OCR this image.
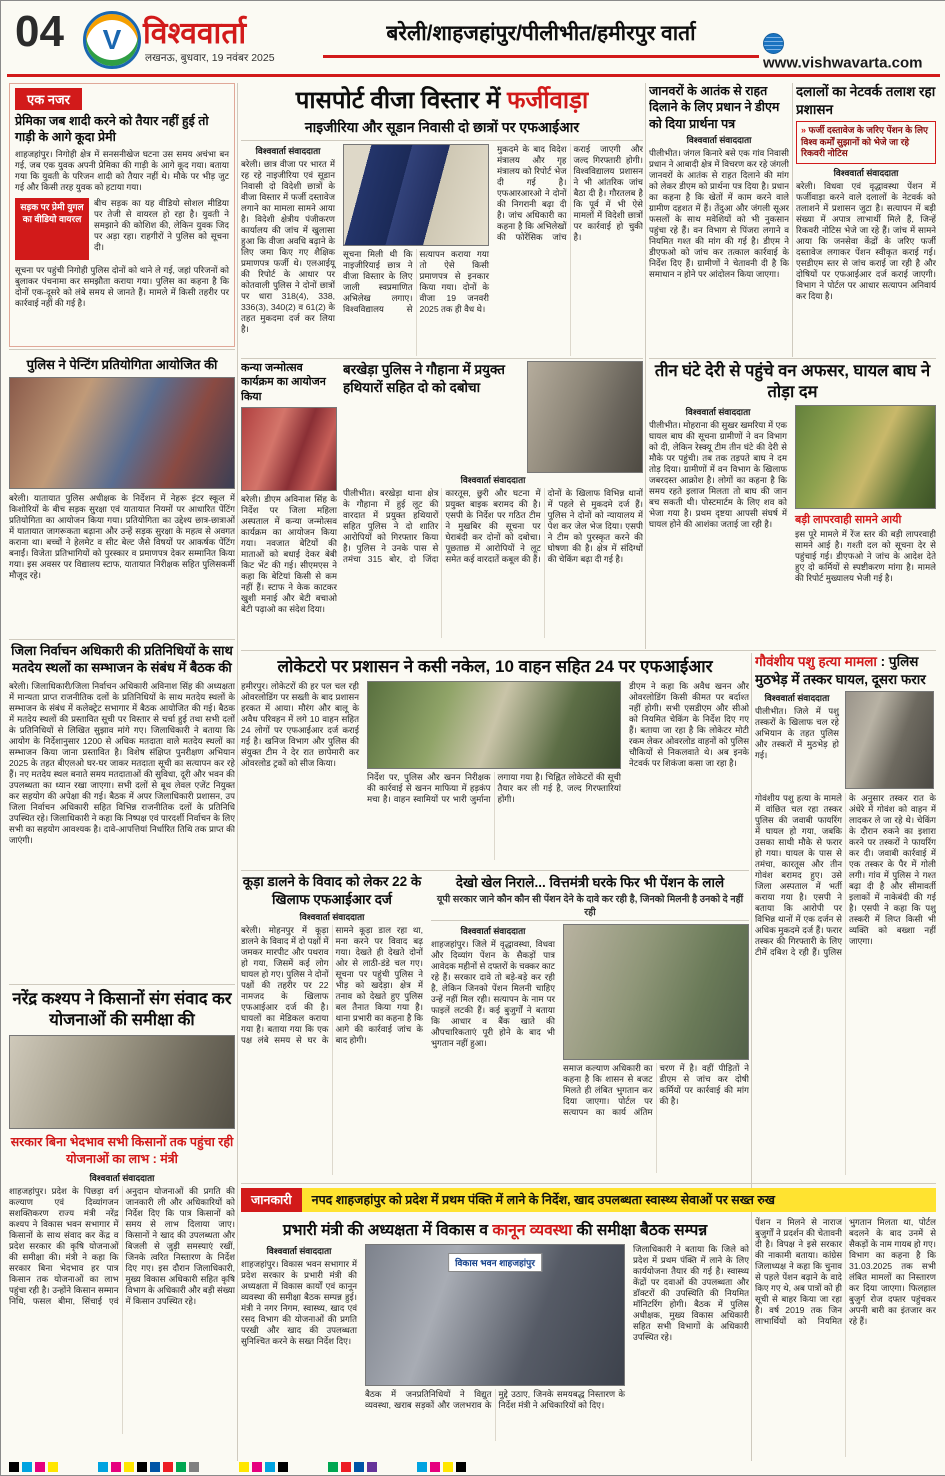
04 V विश्ववार्ता
लखनऊ, बुधवार, 19 नवंबर 2025
बरेली/शाहजहांपुर/पीलीभीत/हमीरपुर वार्ता
www.vishwavarta.com
एक नजर
प्रेमिका जब शादी करने को तैयार नहीं हुई तो गाड़ी के आगे कूदा प्रेमी
शाहजहांपुर। निगोही क्षेत्र में सनसनीखेज घटना उस समय अचंभा बन गई, जब एक युवक अपनी प्रेमिका की गाड़ी के आगे कूद गया। बताया गया कि युवती के परिजन शादी को तैयार नहीं थे। मौके पर भीड़ जुट गई और किसी तरह युवक को हटाया गया।
सड़क पर प्रेमी युगल का वीडियो वायरल
बीच सड़क का यह वीडियो सोशल मीडिया पर तेजी से वायरल हो रहा है। युवती ने समझाने की कोशिश की, लेकिन युवक जिद पर अड़ा रहा। राहगीरों ने पुलिस को सूचना दी।
सूचना पर पहुंची निगोही पुलिस दोनों को थाने ले गई, जहां परिजनों को बुलाकर पंचनामा कर समझौता कराया गया। पुलिस का कहना है कि दोनों एक-दूसरे को लंबे समय से जानते हैं। मामले में किसी तहरीर पर कार्रवाई नहीं की गई है।
पुलिस ने पेन्टिंग प्रतियोगिता आयोजित की
बरेली। यातायात पुलिस अधीक्षक के निर्देशन में नेहरू इंटर स्कूल में किशोरियों के बीच सड़क सुरक्षा एवं यातायात नियमों पर आधारित पेंटिंग प्रतियोगिता का आयोजन किया गया। प्रतियोगिता का उद्देश्य छात्र-छात्राओं में यातायात जागरूकता बढ़ाना और उन्हें सड़क सुरक्षा के महत्व से अवगत कराना था। बच्चों ने हेलमेट व सीट बेल्ट जैसे विषयों पर आकर्षक पेंटिंग बनाईं। विजेता प्रतिभागियों को पुरस्कार व प्रमाणपत्र देकर सम्मानित किया गया। इस अवसर पर विद्यालय स्टाफ, यातायात निरीक्षक सहित पुलिसकर्मी मौजूद रहे।
जिला निर्वाचन अधिकारी की प्रतिनिधियों के साथ मतदेय स्थलों का सम्भाजन के संबंध में बैठक की
बरेली। जिलाधिकारी/जिला निर्वाचन अधिकारी अविनाश सिंह की अध्यक्षता में मान्यता प्राप्त राजनीतिक दलों के प्रतिनिधियों के साथ मतदेय स्थलों के सम्भाजन के संबंध में कलेक्ट्रेट सभागार में बैठक आयोजित की गई। बैठक में मतदेय स्थलों की प्रस्तावित सूची पर विस्तार से चर्चा हुई तथा सभी दलों के प्रतिनिधियों से लिखित सुझाव मांगे गए। जिलाधिकारी ने बताया कि आयोग के निर्देशानुसार 1200 से अधिक मतदाता वाले मतदेय स्थलों का सम्भाजन किया जाना प्रस्तावित है। विशेष संक्षिप्त पुनरीक्षण अभियान 2025 के तहत बीएलओ घर-घर जाकर मतदाता सूची का सत्यापन कर रहे हैं। नए मतदेय स्थल बनाते समय मतदाताओं की सुविधा, दूरी और भवन की उपलब्धता का ध्यान रखा जाएगा। सभी दलों से बूथ लेवल एजेंट नियुक्त कर सहयोग की अपेक्षा की गई। बैठक में अपर जिलाधिकारी प्रशासन, उप जिला निर्वाचन अधिकारी सहित विभिन्न राजनीतिक दलों के प्रतिनिधि उपस्थित रहे। जिलाधिकारी ने कहा कि निष्पक्ष एवं पारदर्शी निर्वाचन के लिए सभी का सहयोग आवश्यक है। दावे-आपत्तियां निर्धारित तिथि तक प्राप्त की जाएंगी।
नरेंद्र कश्यप ने किसानों संग संवाद कर योजनाओं की समीक्षा की
सरकार बिना भेदभाव सभी किसानों तक पहुंचा रही योजनाओं का लाभ : मंत्री
विश्ववार्ता संवाददाता
शाहजहांपुर। प्रदेश के पिछड़ा वर्ग कल्याण एवं दिव्यांगजन सशक्तिकरण राज्य मंत्री नरेंद्र कश्यप ने विकास भवन सभागार में किसानों के साथ संवाद कर केंद्र व प्रदेश सरकार की कृषि योजनाओं की समीक्षा की। मंत्री ने कहा कि सरकार बिना भेदभाव हर पात्र किसान तक योजनाओं का लाभ पहुंचा रही है। उन्होंने किसान सम्मान निधि, फसल बीमा, सिंचाई एवं अनुदान योजनाओं की प्रगति की जानकारी ली और अधिकारियों को निर्देश दिए कि पात्र किसानों को समय से लाभ दिलाया जाए। किसानों ने खाद की उपलब्धता और बिजली से जुड़ी समस्याएं रखीं, जिनके त्वरित निस्तारण के निर्देश दिए गए। इस दौरान जिलाधिकारी, मुख्य विकास अधिकारी सहित कृषि विभाग के अधिकारी और बड़ी संख्या में किसान उपस्थित रहे।
पासपोर्ट वीजा विस्तार में फर्जीवाड़ा
नाइजीरिया और सूडान निवासी दो छात्रों पर एफआईआर
विश्ववार्ता संवाददाता
बरेली। छात्र वीजा पर भारत में रह रहे नाइजीरिया एवं सूडान निवासी दो विदेशी छात्रों के वीजा विस्तार में फर्जी दस्तावेज लगाने का मामला सामने आया है। विदेशी क्षेत्रीय पंजीकरण कार्यालय की जांच में खुलासा हुआ कि वीजा अवधि बढ़ाने के लिए जमा किए गए शैक्षिक प्रमाणपत्र फर्जी थे। एलआईयू की रिपोर्ट के आधार पर कोतवाली पुलिस ने दोनों छात्रों पर धारा 318(4), 338, 336(3), 340(2) व 61(2) के तहत मुकदमा दर्ज कर लिया है।
सूचना मिली थी कि नाइजीरियाई छात्र ने वीजा विस्तार के लिए जाली स्वप्रमाणित अभिलेख लगाए। विश्वविद्यालय से सत्यापन कराया गया तो ऐसे किसी प्रमाणपत्र से इनकार किया गया। दोनों के वीजा 19 जनवरी 2025 तक ही वैध थे।
मुकदमे के बाद विदेश मंत्रालय और गृह मंत्रालय को रिपोर्ट भेज दी गई है। एफआरआरओ ने दोनों की निगरानी बढ़ा दी है। जांच अधिकारी का कहना है कि अभिलेखों की फोरेंसिक जांच कराई जाएगी और जल्द गिरफ्तारी होगी। विश्वविद्यालय प्रशासन ने भी आंतरिक जांच बैठा दी है। गौरतलब है कि पूर्व में भी ऐसे मामलों में विदेशी छात्रों पर कार्रवाई हो चुकी है।
कन्या जन्मोत्सव कार्यक्रम का आयोजन किया
बरेली। डीएम अविनाश सिंह के निर्देश पर जिला महिला अस्पताल में कन्या जन्मोत्सव कार्यक्रम का आयोजन किया गया। नवजात बेटियों की माताओं को बधाई देकर बेबी किट भेंट की गई। सीएमएस ने कहा कि बेटियां किसी से कम नहीं हैं। स्टाफ ने केक काटकर खुशी मनाई और बेटी बचाओ बेटी पढ़ाओ का संदेश दिया।
बरखेड़ा पुलिस ने गौहाना में प्रयुक्त हथियारों सहित दो को दबोचा
विश्ववार्ता संवाददाता
पीलीभीत। बरखेड़ा थाना क्षेत्र के गौहाना में हुई लूट की वारदात में प्रयुक्त हथियारों सहित पुलिस ने दो शातिर आरोपियों को गिरफ्तार किया है। पुलिस ने उनके पास से तमंचा 315 बोर, दो जिंदा कारतूस, छुरी और घटना में प्रयुक्त बाइक बरामद की है। एसपी के निर्देश पर गठित टीम ने मुखबिर की सूचना पर घेराबंदी कर दोनों को दबोचा। पूछताछ में आरोपियों ने लूट समेत कई वारदातें कबूल की हैं। दोनों के खिलाफ विभिन्न थानों में पहले से मुकदमे दर्ज हैं। पुलिस ने दोनों को न्यायालय में पेश कर जेल भेज दिया। एसपी ने टीम को पुरस्कृत करने की घोषणा की है। क्षेत्र में संदिग्धों की चेकिंग बढ़ा दी गई है।
लोकेटरो पर प्रशासन ने कसी नकेल, 10 वाहन सहित 24 पर एफआईआर
हमीरपुर। लोकेटरों की हर पल चल रही ओवरलोडिंग पर सख्ती के बाद प्रशासन हरकत में आया। मौरंग और बालू के अवैध परिवहन में लगे 10 वाहन सहित 24 लोगों पर एफआईआर दर्ज कराई गई है। खनिज विभाग और पुलिस की संयुक्त टीम ने देर रात छापेमारी कर ओवरलोड ट्रकों को सीज किया।
निर्देश पर, पुलिस और खनन निरीक्षक की कार्रवाई से खनन माफिया में हड़कंप मचा है। वाहन स्वामियों पर भारी जुर्माना लगाया गया है। चिह्नित लोकेटरों की सूची तैयार कर ली गई है, जल्द गिरफ्तारियां होंगी।
डीएम ने कहा कि अवैध खनन और ओवरलोडिंग किसी कीमत पर बर्दाश्त नहीं होगी। सभी एसडीएम और सीओ को नियमित चेकिंग के निर्देश दिए गए हैं। बताया जा रहा है कि लोकेटर मोटी रकम लेकर ओवरलोड वाहनों को पुलिस चौकियों से निकलवाते थे। अब इनके नेटवर्क पर शिकंजा कसा जा रहा है।
कूड़ा डालने के विवाद को लेकर 22 के खिलाफ एफआईआर दर्ज
विश्ववार्ता संवाददाता
बरेली। मोहनपुर में कूड़ा डालने के विवाद में दो पक्षों में जमकर मारपीट और पथराव हो गया, जिसमें कई लोग घायल हो गए। पुलिस ने दोनों पक्षों की तहरीर पर 22 नामजद के खिलाफ एफआईआर दर्ज की है। घायलों का मेडिकल कराया गया है। बताया गया कि एक पक्ष लंबे समय से घर के सामने कूड़ा डाल रहा था, मना करने पर विवाद बढ़ गया। देखते ही देखते दोनों ओर से लाठी-डंडे चल गए। सूचना पर पहुंची पुलिस ने भीड़ को खदेड़ा। क्षेत्र में तनाव को देखते हुए पुलिस बल तैनात किया गया है। थाना प्रभारी का कहना है कि आगे की कार्रवाई जांच के बाद होगी।
देखो खेल निराले... वित्तमंत्री घरके फिर भी पेंशन के लाले
यूपी सरकार जाने कौन कौन सी पेंशन देने के दावे कर रही है, जिनको मिलनी है उनको दे नहीं रही
विश्ववार्ता संवाददाता
शाहजहांपुर। जिले में वृद्धावस्था, विधवा और दिव्यांग पेंशन के सैकड़ों पात्र आवेदक महीनों से दफ्तरों के चक्कर काट रहे हैं। सरकार दावे तो बड़े-बड़े कर रही है, लेकिन जिनको पेंशन मिलनी चाहिए उन्हें नहीं मिल रही। सत्यापन के नाम पर फाइलें लटकी हैं। कई बुजुर्गों ने बताया कि आधार व बैंक खाते की औपचारिकताएं पूरी होने के बाद भी भुगतान नहीं हुआ।
समाज कल्याण अधिकारी का कहना है कि शासन से बजट मिलते ही लंबित भुगतान कर दिया जाएगा। पोर्टल पर सत्यापन का कार्य अंतिम चरण में है। वहीं पीड़ितों ने डीएम से जांच कर दोषी कर्मियों पर कार्रवाई की मांग की है।
जानकारी	नपद शाहजहांपुर को प्रदेश में प्रथम पंक्ति में लाने के निर्देश, खाद उपलब्धता स्वास्थ्य सेवाओं पर सख्त रुख
प्रभारी मंत्री की अध्यक्षता में विकास व कानून व्यवस्था की समीक्षा बैठक सम्पन्न
विश्ववार्ता संवाददाता
शाहजहांपुर। विकास भवन सभागार में प्रदेश सरकार के प्रभारी मंत्री की अध्यक्षता में विकास कार्यों एवं कानून व्यवस्था की समीक्षा बैठक सम्पन्न हुई। मंत्री ने नगर निगम, स्वास्थ्य, खाद एवं रसद विभाग की योजनाओं की प्रगति परखी और खाद की उपलब्धता सुनिश्चित करने के सख्त निर्देश दिए।
विकास भवन शाहजहांपुर
बैठक में जनप्रतिनिधियों ने विद्युत व्यवस्था, खराब सड़कों और जलभराव के मुद्दे उठाए, जिनके समयबद्ध निस्तारण के निर्देश मंत्री ने अधिकारियों को दिए।
जिलाधिकारी ने बताया कि जिले को प्रदेश में प्रथम पंक्ति में लाने के लिए कार्ययोजना तैयार की गई है। स्वास्थ्य केंद्रों पर दवाओं की उपलब्धता और डॉक्टरों की उपस्थिति की नियमित मॉनिटरिंग होगी। बैठक में पुलिस अधीक्षक, मुख्य विकास अधिकारी सहित सभी विभागों के अधिकारी उपस्थित रहे।
जानवरों के आतंक से राहत दिलाने के लिए प्रधान ने डीएम को दिया प्रार्थना पत्र
विश्ववार्ता संवाददाता
पीलीभीत। जंगल किनारे बसे एक गांव निवासी प्रधान ने आबादी क्षेत्र में विचरण कर रहे जंगली जानवरों के आतंक से राहत दिलाने की मांग को लेकर डीएम को प्रार्थना पत्र दिया है। प्रधान का कहना है कि खेतों में काम करने वाले ग्रामीण दहशत में हैं। तेंदुआ और जंगली सूअर फसलों के साथ मवेशियों को भी नुकसान पहुंचा रहे हैं। वन विभाग से पिंजरा लगाने व नियमित गश्त की मांग की गई है। डीएम ने डीएफओ को जांच कर तत्काल कार्रवाई के निर्देश दिए हैं। ग्रामीणों ने चेतावनी दी है कि समाधान न होने पर आंदोलन किया जाएगा।
दलालों का नेटवर्क तलाश रहा प्रशासन
» फर्जी दस्तावेज के जरिए पेंशन के लिए विश्व कर्मों सुझानों को भेजे जा रहे रिकवरी नोटिस
विश्ववार्ता संवाददाता
बरेली। विधवा एवं वृद्धावस्था पेंशन में फर्जीवाड़ा करने वाले दलालों के नेटवर्क को तलाशने में प्रशासन जुटा है। सत्यापन में बड़ी संख्या में अपात्र लाभार्थी मिले हैं, जिन्हें रिकवरी नोटिस भेजे जा रहे हैं। जांच में सामने आया कि जनसेवा केंद्रों के जरिए फर्जी दस्तावेज लगाकर पेंशन स्वीकृत कराई गई। एसडीएम स्तर से जांच कराई जा रही है और दोषियों पर एफआईआर दर्ज कराई जाएगी। विभाग ने पोर्टल पर आधार सत्यापन अनिवार्य कर दिया है।
तीन घंटे देरी से पहुंचे वन अफसर, घायल बाघ ने तोड़ा दम
विश्ववार्ता संवाददाता
पीलीभीत। मोहराना की सुखर खमरिया में एक घायल बाघ की सूचना ग्रामीणों ने वन विभाग को दी, लेकिन रेस्क्यू टीम तीन घंटे की देरी से मौके पर पहुंची। तब तक तड़पते बाघ ने दम तोड़ दिया। ग्रामीणों में वन विभाग के खिलाफ जबरदस्त आक्रोश है। लोगों का कहना है कि समय रहते इलाज मिलता तो बाघ की जान बच सकती थी। पोस्टमार्टम के लिए शव को भेजा गया है। प्रथम दृष्टया आपसी संघर्ष में घायल होने की आशंका जताई जा रही है।	बड़ी लापरवाही सामने आयी
इस पूरे मामले में रेंज स्तर की बड़ी लापरवाही सामने आई है। गश्ती दल को सूचना देर से पहुंचाई गई। डीएफओ ने जांच के आदेश देते हुए दो कर्मियों से स्पष्टीकरण मांगा है। मामले की रिपोर्ट मुख्यालय भेजी गई है।
गौवंशीय पशु हत्या मामला : पुलिस मुठभेड़ में तस्कर घायल, दूसरा फरार
विश्ववार्ता संवाददाता
पीलीभीत। जिले में पशु तस्करों के खिलाफ चल रहे अभियान के तहत पुलिस और तस्करों में मुठभेड़ हो गई।
गोवंशीय पशु हत्या के मामले में वांछित चल रहा तस्कर पुलिस की जवाबी फायरिंग में घायल हो गया, जबकि उसका साथी मौके से फरार हो गया। घायल के पास से तमंचा, कारतूस और तीन गोवंश बरामद हुए। उसे जिला अस्पताल में भर्ती कराया गया है। एसपी ने बताया कि आरोपी पर विभिन्न थानों में एक दर्जन से अधिक मुकदमे दर्ज हैं। फरार तस्कर की गिरफ्तारी के लिए टीमें दबिश दे रही हैं। पुलिस के अनुसार तस्कर रात के अंधेरे में गोवंश को वाहन में लादकर ले जा रहे थे। चेकिंग के दौरान रुकने का इशारा करने पर तस्करों ने फायरिंग कर दी। जवाबी कार्रवाई में एक तस्कर के पैर में गोली लगी। गांव में पुलिस ने गश्त बढ़ा दी है और सीमावर्ती इलाकों में नाकेबंदी की गई है। एसपी ने कहा कि पशु तस्करी में लिप्त किसी भी व्यक्ति को बख्शा नहीं जाएगा।
पेंशन न मिलने से नाराज बुजुर्गों ने प्रदर्शन की चेतावनी दी है। विपक्ष ने इसे सरकार की नाकामी बताया। कांग्रेस जिलाध्यक्ष ने कहा कि चुनाव से पहले पेंशन बढ़ाने के वादे किए गए थे, अब पात्रों को ही सूची से बाहर किया जा रहा है। वर्ष 2019 तक जिन लाभार्थियों को नियमित भुगतान मिलता था, पोर्टल बदलने के बाद उनमें से सैकड़ों के नाम गायब हो गए। विभाग का कहना है कि 31.03.2025 तक सभी लंबित मामलों का निस्तारण कर दिया जाएगा। फिलहाल बुजुर्ग रोज दफ्तर पहुंचकर अपनी बारी का इंतजार कर रहे हैं।
